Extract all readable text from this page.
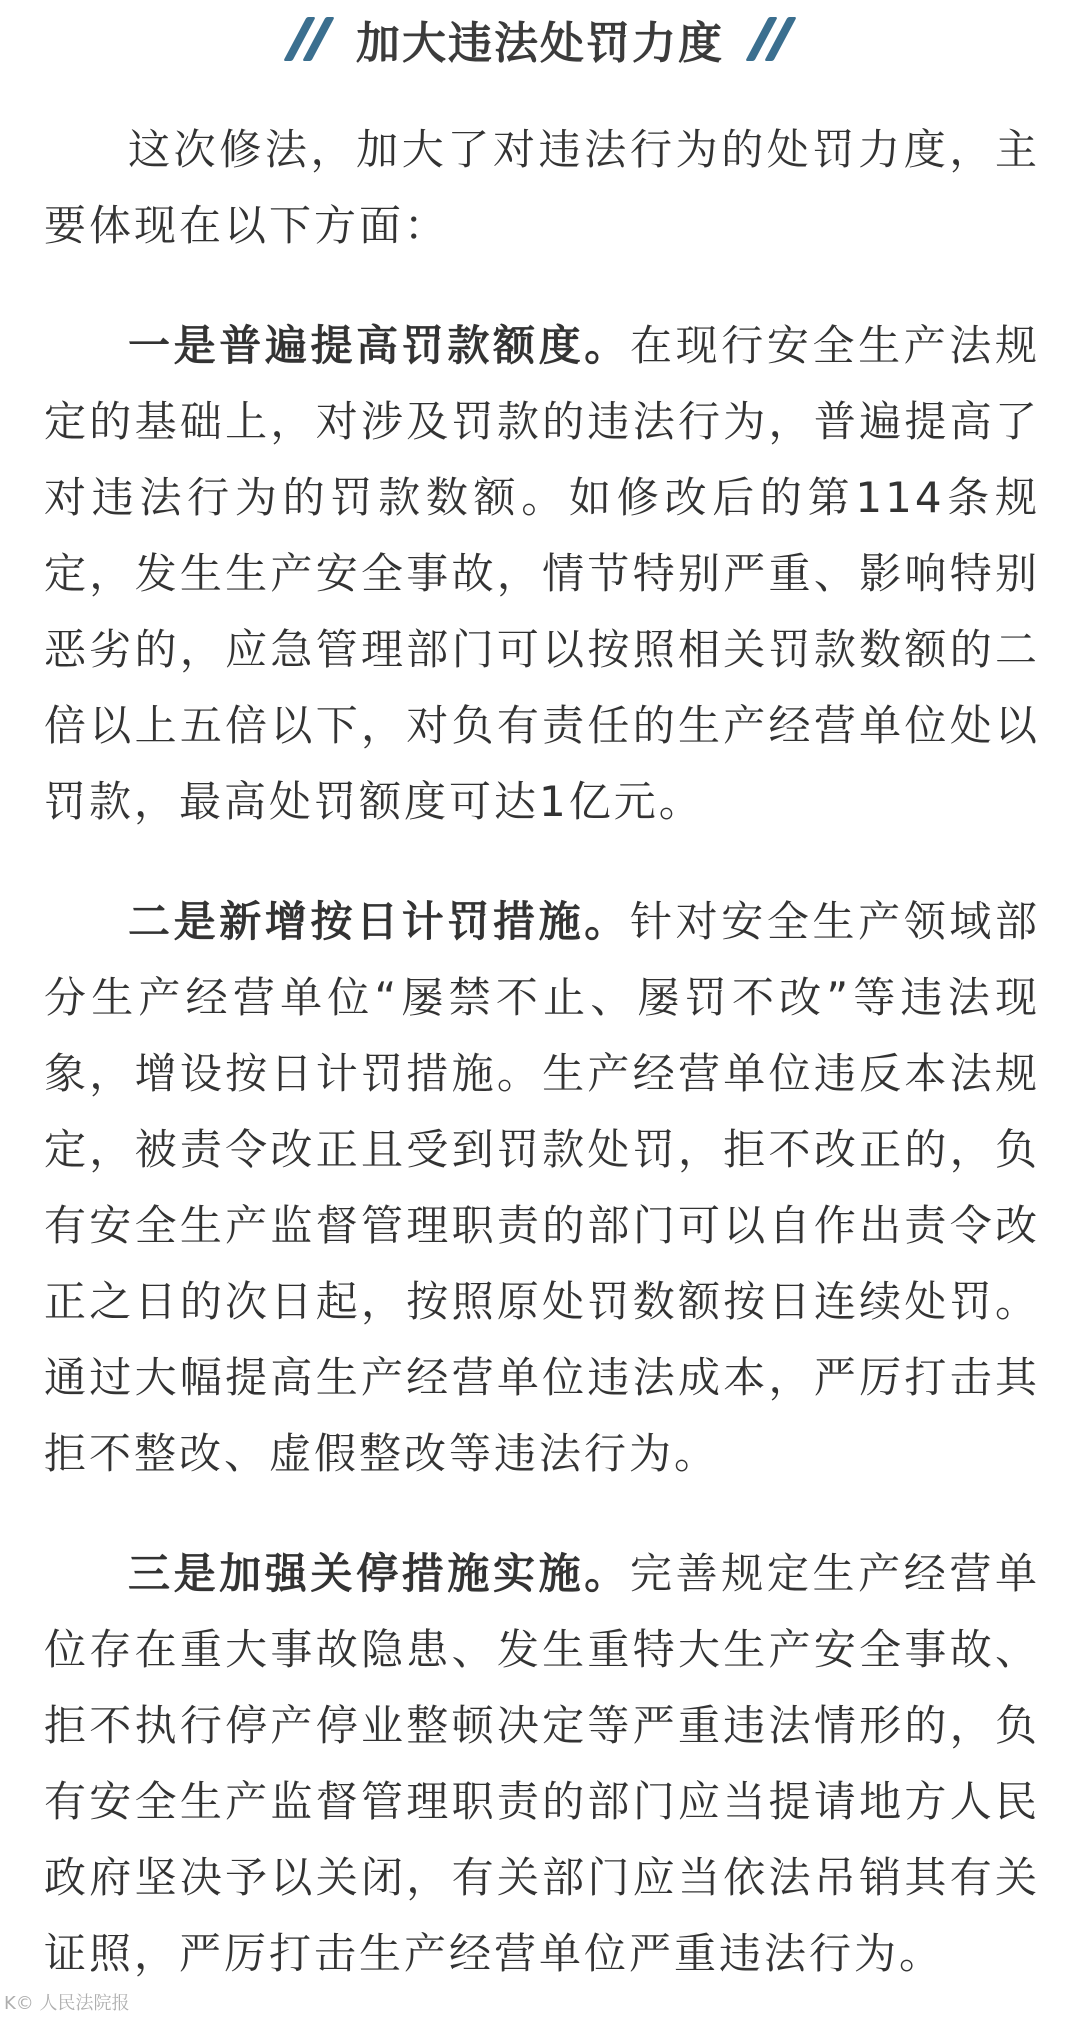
加大违法处罚力度

这次修法，加大了对违法行为的处罚力度，主要体现在以下方面：

一是普遍提高罚款额度。在现行安全生产法规定的基础上，对涉及罚款的违法行为，普遍提高了对违法行为的罚款数额。如修改后的第114条规定，发生生产安全事故，情节特别严重、影响特别恶劣的，应急管理部门可以按照相关罚款数额的二倍以上五倍以下，对负有责任的生产经营单位处以罚款，最高处罚额度可达1亿元。

二是新增按日计罚措施。针对安全生产领域部分生产经营单位“屡禁不止、屡罚不改”等违法现象，增设按日计罚措施。生产经营单位违反本法规定，被责令改正且受到罚款处罚，拒不改正的，负有安全生产监督管理职责的部门可以自作出责令改正之日的次日起，按照原处罚数额按日连续处罚。通过大幅提高生产经营单位违法成本，严厉打击其拒不整改、虚假整改等违法行为。

三是加强关停措施实施。完善规定生产经营单位存在重大事故隐患、发生重特大生产安全事故、拒不执行停产停业整顿决定等严重违法情形的，负有安全生产监督管理职责的部门应当提请地方人民政府坚决予以关闭，有关部门应当依法吊销其有关证照，严厉打击生产经营单位严重违法行为。

K© 人民法院报
